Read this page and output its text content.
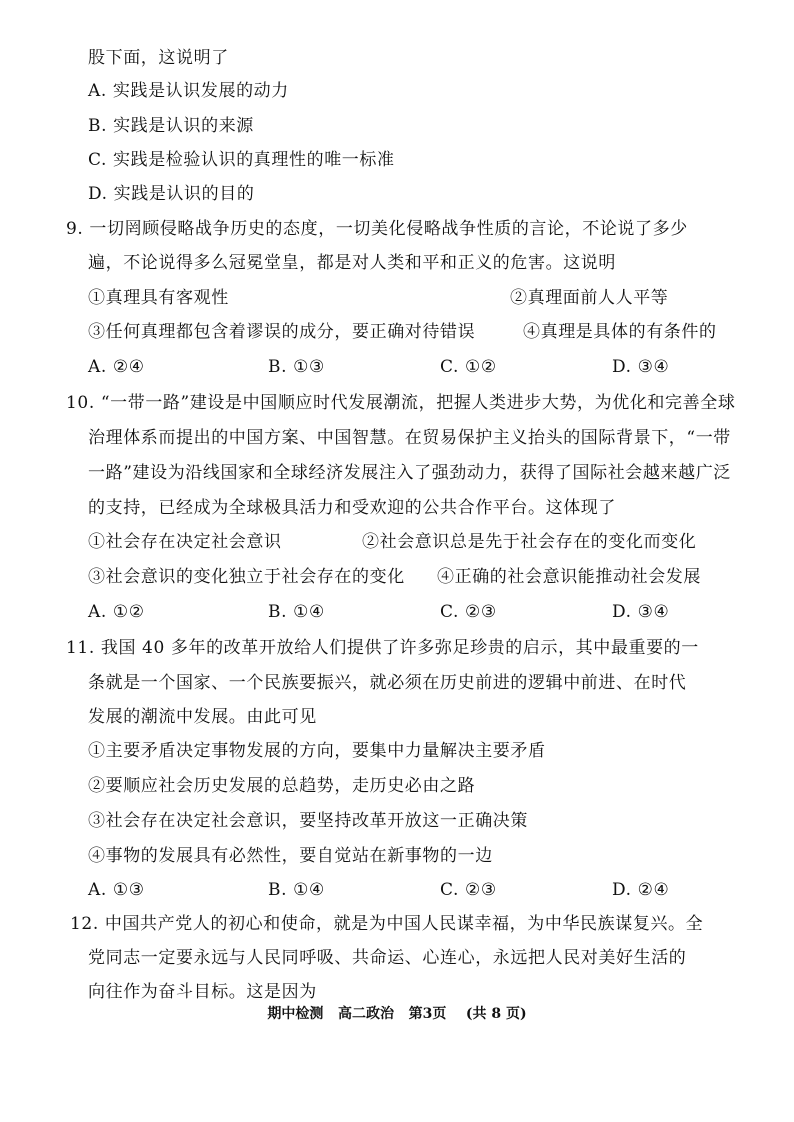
股下面，这说明了
A. 实践是认识发展的动力
B. 实践是认识的来源
C. 实践是检验认识的真理性的唯一标准
D. 实践是认识的目的
9. 一切罔顾侵略战争历史的态度，一切美化侵略战争性质的言论，不论说了多少
遍，不论说得多么冠冕堂皇，都是对人类和平和正义的危害。这说明
①真理具有客观性	②真理面前人人平等
③任何真理都包含着谬误的成分，要正确对待错误	④真理是具体的有条件的
A. ②④	B. ①③	C. ①②	D. ③④
10. “一带一路”建设是中国顺应时代发展潮流，把握人类进步大势，为优化和完善全球
治理体系而提出的中国方案、中国智慧。在贸易保护主义抬头的国际背景下，“一带
一路”建设为沿线国家和全球经济发展注入了强劲动力，获得了国际社会越来越广泛
的支持，已经成为全球极具活力和受欢迎的公共合作平台。这体现了
①社会存在决定社会意识	②社会意识总是先于社会存在的变化而变化
③社会意识的变化独立于社会存在的变化 ④正确的社会意识能推动社会发展
A. ①②	B. ①④	C. ②③	D. ③④
11. 我国 40 多年的改革开放给人们提供了许多弥足珍贵的启示，其中最重要的一
条就是一个国家、一个民族要振兴，就必须在历史前进的逻辑中前进、在时代
发展的潮流中发展。由此可见
①主要矛盾决定事物发展的方向，要集中力量解决主要矛盾
②要顺应社会历史发展的总趋势，走历史必由之路
③社会存在决定社会意识，要坚持改革开放这一正确决策
④事物的发展具有必然性，要自觉站在新事物的一边
A. ①③	B. ①④	C. ②③	D. ②④
12. 中国共产党人的初心和使命，就是为中国人民谋幸福，为中华民族谋复兴。全
党同志一定要永远与人民同呼吸、共命运、心连心，永远把人民对美好生活的
向往作为奋斗目标。这是因为
期中检测   高二政治   第3页    (共 8 页)
